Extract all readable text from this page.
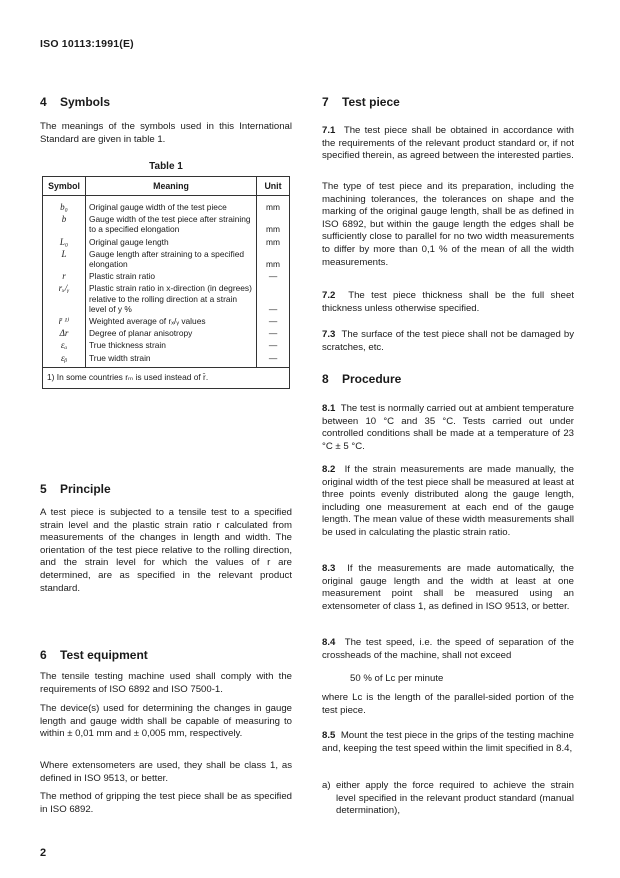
ISO 10113:1991(E)
4 Symbols

The meanings of the symbols used in this International Standard are given in table 1.

Table 1
Symbol	Meaning	Unit
b₀	Original gauge width of the test piece	mm
b	Gauge width of the test piece after straining to a specified elongation	mm
L₀	Original gauge length	mm
L	Gauge length after straining to a specified elongation	mm
r	Plastic strain ratio	—
rₓ/ᵧ	Plastic strain ratio in x-direction (in degrees) relative to the rolling direction at a strain level of y %	—
r̄ ¹⁾	Weighted average of rₓ/ᵧ values	—
Δr	Degree of planar anisotropy	—
εₐ	True thickness strain	—
εᵦ	True width strain	—
1) In some countries rₘ is used instead of r̄.		
5 Principle

A test piece is subjected to a tensile test to a specified strain level and the plastic strain ratio r calculated from measurements of the changes in length and width. The orientation of the test piece relative to the rolling direction, and the strain level for which the values of r are determined, are as specified in the relevant product standard.

6 Test equipment

The tensile testing machine used shall comply with the requirements of ISO 6892 and ISO 7500-1.

The device(s) used for determining the changes in gauge length and gauge width shall be capable of measuring to within ± 0,01 mm and ± 0,005 mm, respectively.

Where extensometers are used, they shall be class 1, as defined in ISO 9513, or better.

The method of gripping the test piece shall be as specified in ISO 6892.

7 Test piece

7.1 The test piece shall be obtained in accordance with the requirements of the relevant product standard or, if not specified therein, as agreed between the interested parties.

The type of test piece and its preparation, including the machining tolerances, the tolerances on shape and the marking of the original gauge length, shall be as defined in ISO 6892, but within the gauge length the edges shall be sufficiently close to parallel for no two width measurements to differ by more than 0,1 % of the mean of all the width measurements.

7.2 The test piece thickness shall be the full sheet thickness unless otherwise specified.

7.3 The surface of the test piece shall not be damaged by scratches, etc.

8 Procedure

8.1 The test is normally carried out at ambient temperature between 10 °C and 35 °C. Tests carried out under controlled conditions shall be made at a temperature of 23 °C ± 5 °C.

8.2 If the strain measurements are made manually, the original width of the test piece shall be measured at least at three points evenly distributed along the gauge length, including one measurement at each end of the gauge length. The mean value of these width measurements shall be used in calculating the plastic strain ratio.

8.3 If the measurements are made automatically, the original gauge length and the width at least at one measurement point shall be measured using an extensometer of class 1, as defined in ISO 9513, or better.

8.4 The test speed, i.e. the speed of separation of the crossheads of the machine, shall not exceed

50 % of Lc per minute

where Lc is the length of the parallel-sided portion of the test piece.

8.5 Mount the test piece in the grips of the testing machine and, keeping the test speed within the limit specified in 8.4,

a) either apply the force required to achieve the strain level specified in the relevant product standard (manual determination),
2
